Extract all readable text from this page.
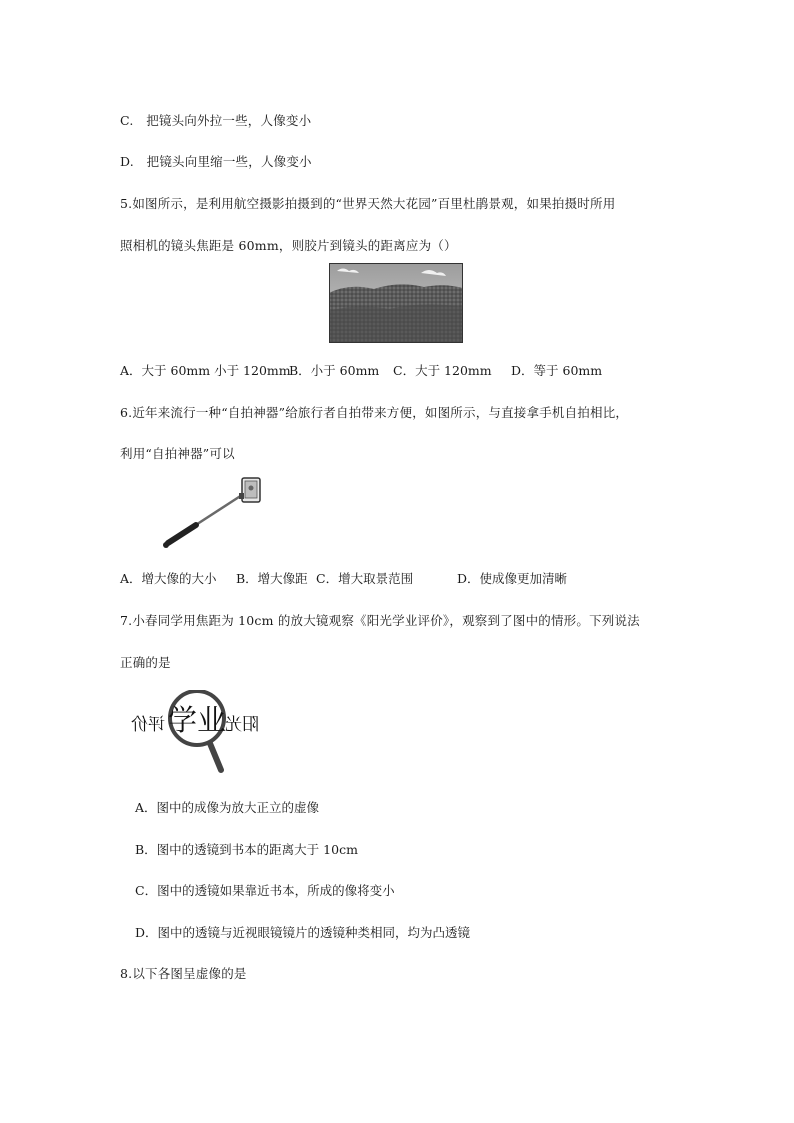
C.　把镜头向外拉一些，人像变小
D.　把镜头向里缩一些，人像变小
5.如图所示，是利用航空摄影拍摄到的“世界天然大花园”百里杜鹃景观，如果拍摄时所用
照相机的镜头焦距是 60mm，则胶片到镜头的距离应为（）
A．大于 60mm 小于 120mm
B．小于 60mm C．大于 120mm D．等于 60mm
6.近年来流行一种“自拍神器”给旅行者自拍带来方便，如图所示，与直接拿手机自拍相比，
利用“自拍神器”可以
A．增大像的大小 B．增大像距 C．增大取景范围	D．使成像更加清晰
7.小春同学用焦距为 10cm 的放大镜观察《阳光学业评价》，观察到了图中的情形。下列说法
正确的是
评价	阳光
学业
A．图中的成像为放大正立的虚像
B．图中的透镜到书本的距离大于 10cm
C．图中的透镜如果靠近书本，所成的像将变小
D．图中的透镜与近视眼镜镜片的透镜种类相同，均为凸透镜
8.以下各图呈虚像的是
